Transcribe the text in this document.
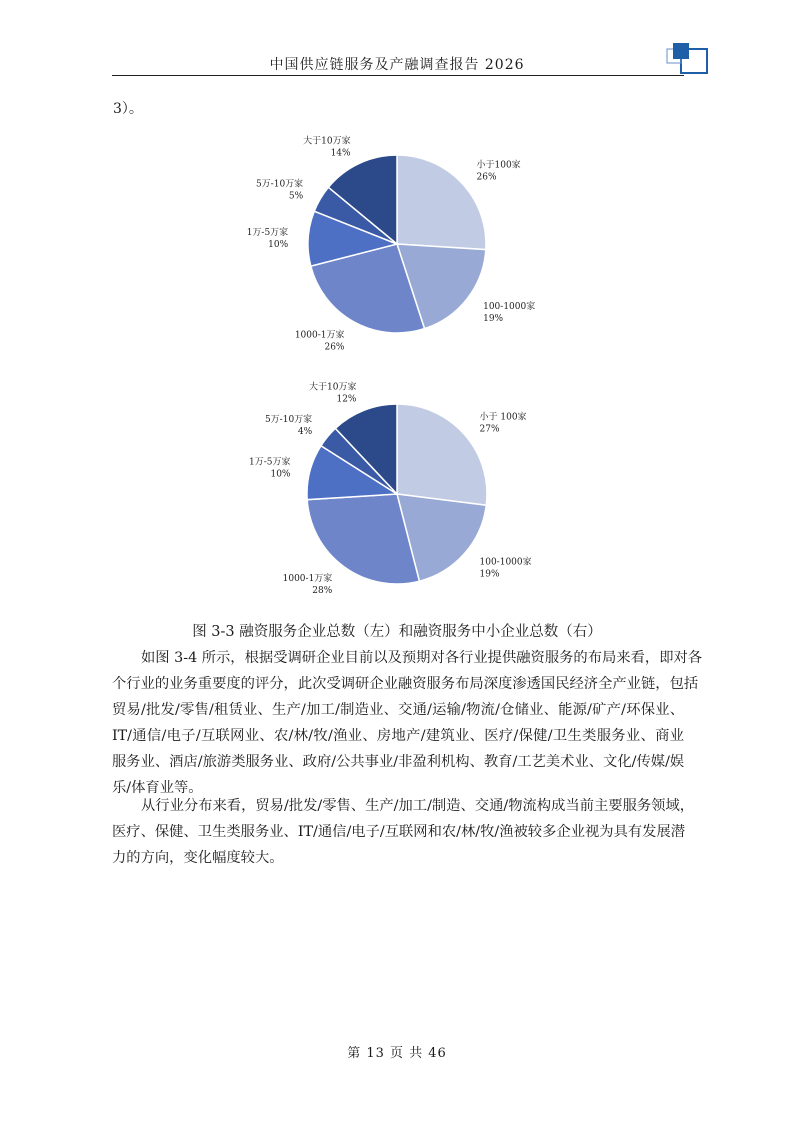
中国供应链服务及产融调查报告 2026
3）。
小于100家
26%
100-1000家
19%
1000-1万家
26%
1万-5万家
10%
5万-10万家
5%
大于10万家
14%
小于 100家
27%
100-1000家
19%
1000-1万家
28%
1万-5万家
10%
5万-10万家
4%
大于10万家
12%
图 3-3 融资服务企业总数（左）和融资服务中小企业总数（右）
如图 3-4 所示，根据受调研企业目前以及预期对各行业提供融资服务的布局来看，即对各
个行业的业务重要度的评分，此次受调研企业融资服务布局深度渗透国民经济全产业链，包括
贸易/批发/零售/租赁业、生产/加工/制造业、交通/运输/物流/仓储业、能源/矿产/环保业、
IT/通信/电子/互联网业、农/林/牧/渔业、房地产/建筑业、医疗/保健/卫生类服务业、商业
服务业、酒店/旅游类服务业、政府/公共事业/非盈利机构、教育/工艺美术业、文化/传媒/娱
乐/体育业等。
从行业分布来看，贸易/批发/零售、生产/加工/制造、交通/物流构成当前主要服务领域，
医疗、保健、卫生类服务业、IT/通信/电子/互联网和农/林/牧/渔被较多企业视为具有发展潜
力的方向，变化幅度较大。
第 13 页 共 46
